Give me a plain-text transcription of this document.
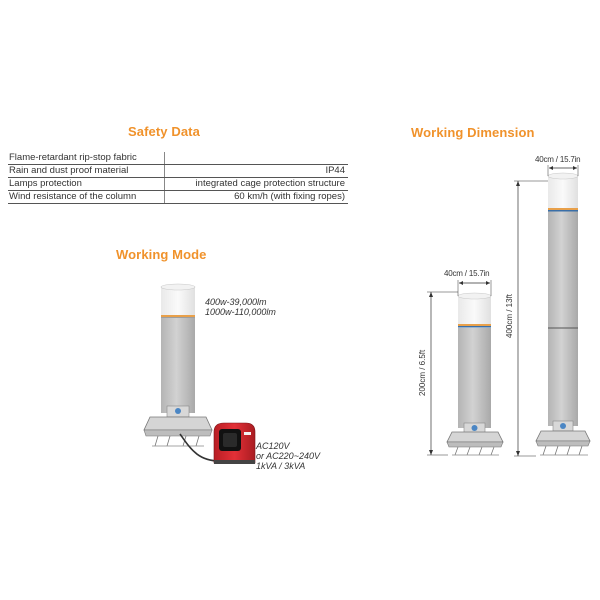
Safety Data
Flame-retardant rip-stop fabric	
Rain and dust proof material	IP44
Lamps protection	integrated cage protection structure
Wind resistance of the column	60 km/h (with fixing ropes)
Working Mode
Working Dimension
400w-39,000lm
1000w-110,000lm
AC120V
or AC220~240V
1kVA / 3kVA
40cm / 15.7in
40cm / 15.7in
200cm / 6.5ft
400cm / 13ft
